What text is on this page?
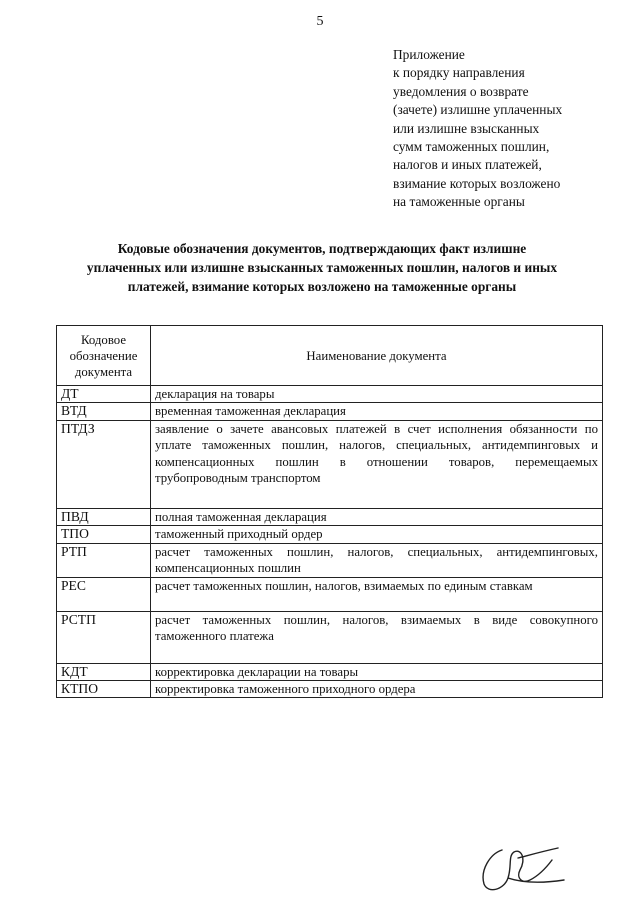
5
Приложение
к порядку направления
уведомления о возврате
(зачете) излишне уплаченных
или излишне взысканных
сумм таможенных пошлин,
налогов и иных платежей,
взимание которых возложено
на таможенные органы
Кодовые обозначения документов, подтверждающих факт излишне
уплаченных или излишне взысканных таможенных пошлин, налогов и иных
платежей, взимание которых возложено на таможенные органы
Кодовое
обозначение
документа	Наименование документа
ДТ	декларация на товары
ВТД	временная таможенная декларация
ПТДЗ	заявление о зачете авансовых платежей в счет исполнения обязанности по уплате таможенных пошлин, налогов, специальных, антидемпинговых и компенсационных пошлин в отношении товаров, перемещаемых трубопроводным транспортом
ПВД	полная таможенная декларация
ТПО	таможенный приходный ордер
РТП	расчет таможенных пошлин, налогов, специальных, антидемпинговых, компенсационных пошлин
РЕС	расчет таможенных пошлин, налогов, взимаемых по единым ставкам
РСТП	расчет таможенных пошлин, налогов, взимаемых в виде совокупного таможенного платежа
КДТ	корректировка декларации на товары
КТПО	корректировка таможенного приходного ордера
